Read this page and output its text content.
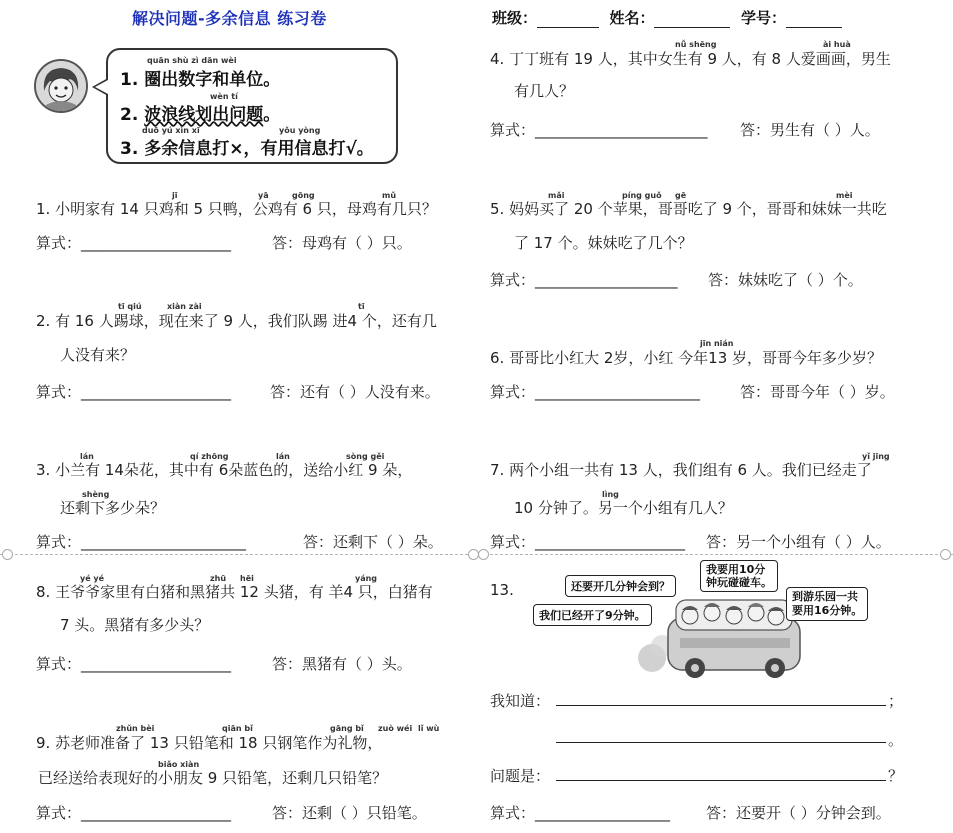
解决问题-多余信息 练习卷	班级：	姓名：	学号：
quān shù zì dān wèi
1. 圈出数字和单位。
wèn tí
2. 波浪线划出问题。
duō yú xìn xī	yǒu yòng
3. 多余信息打×，有用信息打√。
jī	yā	gōng	mǔ
1. 小明家有 14 只鸡和 5 只鸭，公鸡有 6 只，母鸡有几只？
算式：____________________	答：母鸡有（ ）只。
tī qiú	xiàn zài	tī
2. 有 16 人踢球，现在来了 9 人，我们队踢 进4 个，还有几
人没有来？
算式：____________________	答：还有（ ）人没有来。
lán	qí zhōng	lán	sòng gěi
shèng
3. 小兰有 14朵花，其中有 6朵蓝色的，送给小红 9 朵，
还剩下多少朵？
算式：______________________	答：还剩下（ ）朵。
nǚ shēng	ài huà
4. 丁丁班有 19 人，其中女生有 9 人，有 8 人爱画画，男生
有几人？
算式：_______________________ 答：男生有（ ）人。
mǎi	píng guǒ gē	mèi
5. 妈妈买了 20 个苹果，哥哥吃了 9 个，哥哥和妹妹一共吃
了 17 个。妹妹吃了几个？
算式：___________________ 答：妹妹吃了（ ）个。
jīn nián
6. 哥哥比小红大 2岁，小红 今年13 岁，哥哥今年多少岁？
算式：______________________	答：哥哥今年（ ）岁。
yǐ jīng
lìng
7. 两个小组一共有 13 人，我们组有 6 人。我们已经走了
10 分钟了。另一个小组有几人？
算式：____________________ 答：另一个小组有（ ）人。
yé yé	zhū hēi	yáng
8. 王爷爷家里有白猪和黑猪共 12 头猪，有 羊4 只，白猪有
7 头。黑猪有多少头？
算式：____________________	答：黑猪有（ ）头。
zhǔn bèi	qiān bǐ	gāng bǐ zuò wéi lǐ wù
biǎo xiàn
9. 苏老师准备了 13 只铅笔和 18 只钢笔作为礼物，
已经送给表现好的小朋友 9 只铅笔，还剩几只铅笔？
算式：____________________	答：还剩（ ）只铅笔。
13.	还要开几分钟会到？
我要用10分
钟玩碰碰车。
到游乐园一共
要用16分钟。
我们已经开了9分钟。
我知道：	；
。
问题是：	？
算式：__________________ 答：还要开（ ）分钟会到。
